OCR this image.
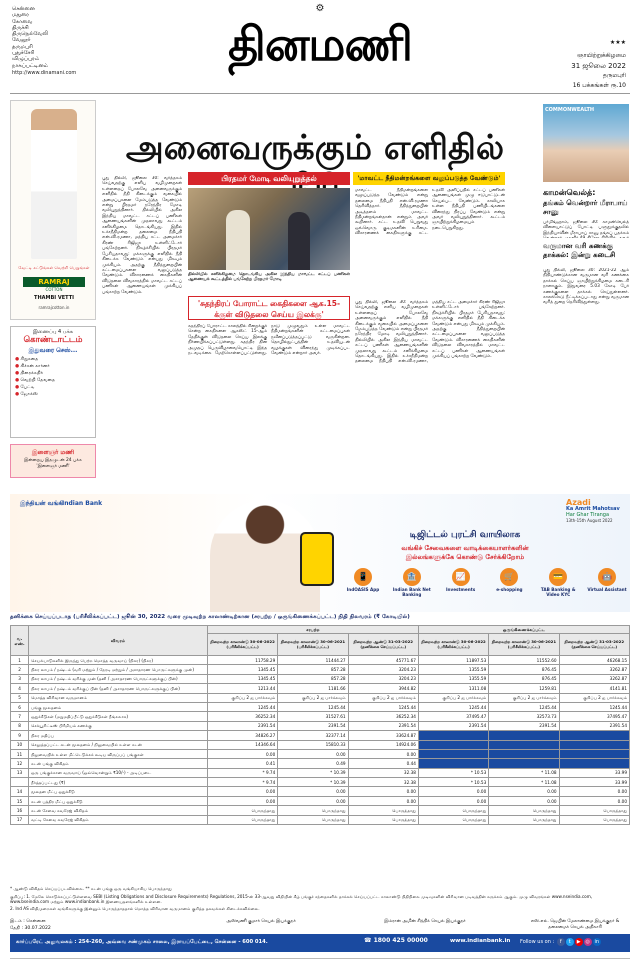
சென்னை
மதுரை
கோவை
திருச்சி
திருநெல்வேலி
வேலூர்
தருமபுரி
புதுச்சேரி
விழுப்புரம்
நாகப்பட்டினம்
http://www.dinamani.com
⚙
தினமணி	★★★
ஞாயிற்றுக்கிழமை
31 ஜூலை 2022
தருமபுரி
16 பக்கங்கள் ரூ.10
அனைவருக்கும் எளிதில்
வேட்டி கட்டுங்கள் வெற்றி பெறுங்கள்
RAMRAJ
COTTON
THAMBI VETTI
ramrajcotton.in
இணைப்பு 4 பக்க
கொண்டாட்டம்
இதுவரை செஸ்...
● சிறுகதை
● கிச்சன் கார்னர்
● திரைக்கதிர்
● வெற்றி தேவதை
● பேட்டி
● ஜோக்ஸ்
இளைஞர் மணி
இன்றைய இதழுடன் 24 பக்க 'இளைஞர் மணி'
பிரதமர் மோடி வலியுறுத்தல்	'மாவட்ட நீதிமன்றங்களை வலுப்படுத்த வேண்டும்'
புது தில்லி, ஜூலை 30: வர்த்தகம் செய்வதற்கு எளிய வழிமுறைகள் உள்ளதைப் போலவே அனைவருக்கும் எளிதில் நீதி கிடைக்கும் வகையில் அமைப்புகளை மேம்படுத்த வேண்டும் என்று பிரதமர் நரேந்திர மோடி வலியுறுத்தினார். தில்லியில் அகில இந்திய மாவட்ட சட்டப் பணிகள் ஆணையங்களின் முதலாவது கூட்டம் சனிக்கிழமை தொடங்கியது. இதில் உச்சநீதிமன்ற தலைமை நீதிபதி என்.வி.ரமணா, மத்திய சட்ட அமைச்சர் கிரண் ரிஜிஜு உள்ளிட்டோர் பங்கேற்றனர். நிகழ்ச்சியில் பிரதமர் பேசியதாவது: மக்களுக்கு எளிதில் நீதி கிடைக்க வேண்டும் என்பது மிகவும் முக்கியம். அதற்கு நீதித்துறையின் கட்டமைப்புகளை வலுப்படுத்த வேண்டும். விசாரணைக் கைதிகளின் விடுதலை விவகாரத்தில் மாவட்ட சட்டப் பணிகள் ஆணையங்கள் முக்கியப் பங்காற்ற வேண்டும்.
தில்லியில் சனிக்கிழமை தொடங்கிய அகில இந்திய மாவட்ட சட்டப் பணிகள் ஆணையக் கூட்டத்தில் பங்கேற்ற பிரதமர் மோடி
மாவட்ட நீதிமன்றங்களை வலுப்படுத்த வேண்டும் என்று தலைமை நீதிபதி என்.வி.ரமணா தெரிவித்தார். நீதித்துறையின் அடித்தளம் மாவட்ட நீதிமன்றங்கள்தான் என்றும் அவர் கூறினார். சட்ட உதவி பெறுவது ஒவ்வொரு குடிமகனின் உரிமை. விசாரணைக் கைதிகளுக்கு சட்ட உதவி அளிப்பதில் சட்டப் பணிகள் ஆணையங்கள் முழு ஈடுபாட்டுடன் செயல்பட வேண்டும். காலியாக உள்ள நீதிபதி பணியிடங்களை விரைந்து நிரப்ப வேண்டும் என்று அவர் வலியுறுத்தினார். கூட்டம் ஞாயிற்றுக்கிழமையும் நடைபெறுகிறது.
'சுதந்திரப் போராட்ட கைதிகளை ஆக.15-க்குள் விடுதலை செய்ய இலக்கு'
சுதந்திரப் போராட்ட காலத்தில் சிறைக்குச் சென்ற கைதிகளை ஆகஸ்ட் 15-ஆம் தேதிக்குள் விடுதலை செய்ய இலக்கு நிர்ணயிக்கப்பட்டுள்ளது. சுதந்திர தின அமுதப் பெருவிழாவையொட்டி இந்த நடவடிக்கை மேற்கொள்ளப்பட்டுள்ளது. நாடு முழுவதும் உள்ள மாவட்ட நீதிமன்றங்களின் கட்டமைப்புகள் நவீனப்படுத்தப்பட்டு வருகின்றன. தொழில்நுட்பத்தின் உதவியுடன் வழக்குகள் விரைந்து முடிக்கப்பட வேண்டும் என்றார் அவர்.
புது தில்லி, ஜூலை 30: வர்த்தகம் செய்வதற்கு எளிய வழிமுறைகள் உள்ளதைப் போலவே அனைவருக்கும் எளிதில் நீதி கிடைக்கும் வகையில் அமைப்புகளை மேம்படுத்த வேண்டும் என்று பிரதமர் நரேந்திர மோடி வலியுறுத்தினார். தில்லியில் அகில இந்திய மாவட்ட சட்டப் பணிகள் ஆணையங்களின் முதலாவது கூட்டம் சனிக்கிழமை தொடங்கியது. இதில் உச்சநீதிமன்ற தலைமை நீதிபதி என்.வி.ரமணா, மத்திய சட்ட அமைச்சர் கிரண் ரிஜிஜு உள்ளிட்டோர் பங்கேற்றனர். நிகழ்ச்சியில் பிரதமர் பேசியதாவது: மக்களுக்கு எளிதில் நீதி கிடைக்க வேண்டும் என்பது மிகவும் முக்கியம். அதற்கு நீதித்துறையின் கட்டமைப்புகளை வலுப்படுத்த வேண்டும். விசாரணைக் கைதிகளின் விடுதலை விவகாரத்தில் மாவட்ட சட்டப் பணிகள் ஆணையங்கள் முக்கியப் பங்காற்ற வேண்டும்.
COMMONWEALTH
காமன்வெல்த்:
தங்கம் வென்றார் மீராபாய் சானு
பர்மிங்ஹாம், ஜூலை 30: காமன்வெல்த் விளையாட்டுப் போட்டி பளுதூக்குதலில் இந்தியாவின் மீராபாய் சானு தங்கப் பதக்கம்
வருமான வரி கணக்கு தாக்கல்: இன்று கடைசி
புது தில்லி, ஜூலை 30: 2021-22 ஆம் நிதியாண்டுக்கான வருமான வரி கணக்கை தாக்கல் செய்ய ஞாயிற்றுக்கிழமை கடைசி நாளாகும். இதுவரை 5.03 கோடி பேர் கணக்குகளை தாக்கல் செய்துள்ளனர். காலக்கெடு நீட்டிக்கப்படாது என்று வருமான வரித் துறை தெரிவித்துள்ளது.
இந்தியன் வங்கி
Indian Bank	Azadi
Ka Amrit Mahotsav
Har Ghar Tiranga
13th-15th August 2022
டிஜிட்டல் புரட்சி வாயிலாக
வங்கிச் சேவைகளை வாடிக்கையாளர்களின்
இல்லங்களுக்கே கொண்டு சேர்க்கிறோம்
📱
IndOASIS App
🏦
Indian Bank Net Banking
📈
Investments
🛒
e-shopping
💳
TAB Banking & Video KYC
🤖
Virtual Assistant
தனிக்கை செய்யப்படாத (பரிசீலிக்கப்பட்ட) ஜூன் 30, 2022 வரை முடிவுற்ற காலாண்டிற்கான (சரபற்ற / ஒருங்கிணைக்கப்பட்ட) நிதி நிலவரம் (₹ கோடியில்)
வ. எண்.	விவரம்	சரபற்ற			ஒருங்கிணைக்கப்பட்ட		
		நிறைவுற்ற காலாண்டு 30-06-2022 (பரிசீலிக்கப்பட்ட)	நிறைவுற்ற காலாண்டு 30-06-2021 (பரிசீலிக்கப்பட்ட)	நிறைவுற்ற ஆண்டு 31-03-2022 (தணிக்கை செய்யப்பட்ட)	நிறைவுற்ற காலாண்டு 30-06-2022 (பரிசீலிக்கப்பட்ட)	நிறைவுற்ற காலாண்டு 30-06-2021 (பரிசீலிக்கப்பட்ட)	நிறைவுற்ற ஆண்டு 31-03-2022 (தணிக்கை செய்யப்பட்ட)
1	செயல்பாடுகளில் இருந்து பெற்ற மொத்த வருவாய் (நிகர) (நிகர)	11758.29	11444.27	45771.67	11897.53	11552.60	46268.15
2	நிகர லாபம் / நஷ்டம் (வரி மற்றும் / நேரடி மற்றும் / அசாதாரண பொருட்களுக்கு முன்)	1345.45	857.28	3204.23	1355.59	876.45	3262.87
3	நிகர லாபம் / நஷ்டம் வரிக்கு முன் (தனி / அசாதாரண பொருட்களுக்குப் பின்)	1345.45	857.28	3204.23	1355.59	876.45	3262.87
4	நிகர லாபம் / நஷ்டம் வரிக்குப் பின் (தனி / அசாதாரண பொருட்களுக்குப் பின்)	1213.44	1181.66	3944.82	1311.08	1259.81	4141.81
5	மொத்த விரிவான வருமானம்	குறிப்பு 2 ஐ பார்க்கவும்	குறிப்பு 2 ஐ பார்க்கவும்	குறிப்பு 2 ஐ பார்க்கவும்	குறிப்பு 2 ஐ பார்க்கவும்	குறிப்பு 2 ஐ பார்க்கவும்	குறிப்பு 2 ஐ பார்க்கவும்
6	பங்கு மூலதனம்	1245.44	1245.44	1245.44	1245.44	1245.44	1245.44
7	ஒதுக்கீடுகள் (மறுமதிப்பீட்டு ஒதுக்கீடுகள் நீங்கலாக)	36252.34	31527.61	36252.34	37495.47	32573.73	37495.47
8	செக்யூரிட்டீஸ் பிரீமியம் கணக்கு	2391.54	2391.54	2391.54	2391.54	2391.54	2391.54
9	நிகர மதிப்பு	34826.27	32377.14	33624.87			
10	செலுத்தப்பட்ட கடன் மூலதனம் / நிலுவையில் உள்ள கடன்	14346.64	15810.33	14924.06			
11	நிலுவையில் உள்ள மீட்டெடுக்கக் கூடிய விருப்பப் பங்குகள்	0.00	0.00	0.00			
12	கடன் பங்கு விகிதம்	0.41	0.49	0.44			
13	ஒரு பங்குக்கான வருவாய் (ஒவ்வொன்றும் ₹10/-) - அடிப்படை	* 9.74	* 10.39	32.38	* 10.53	* 11.08	33.99
	நீர்த்தப்பட்டது (₹)	* 9.74	* 10.39	32.38	* 10.53	* 11.08	33.99
14	மூலதன மீட்பு ஒதுக்கீடு	0.00	0.00	0.00	0.00	0.00	0.00
15	கடன் பத்திர மீட்பு ஒதுக்கீடு	0.00	0.00	0.00	0.00	0.00	0.00
16	கடன் சேவை கவரேஜ் விகிதம்	பொருந்தாது	பொருந்தாது	பொருந்தாது	பொருந்தாது	பொருந்தாது	பொருந்தாது
17	வட்டி சேவை கவரேஜ் விகிதம்	பொருந்தாது	பொருந்தாது	பொருந்தாது	பொருந்தாது	பொருந்தாது	பொருந்தாது
* ஆண்டு விகிதம் செய்யப்படவில்லை. ** கடன் பங்கு ஒரு வங்கியாகிய பொருந்தாது
குறிப்பு: 1. மேலே கொடுக்கப்பட்டுள்ளவை SEBI (Listing Obligations and Disclosure Requirements) Regulations, 2015-ன் 33-ஆவது விதியின் கீழ் பங்குச் சந்தைகளில் தாக்கல் செய்யப்பட்ட காலாண்டு நிதிநிலை முடிவுகளின் விரிவான படிவத்தின் சுருக்கம் ஆகும். முழு விவரங்கள் www.nseindia.com, www.bseindia.com மற்றும் www.indianbank.in இணையதளங்களில் உள்ளன.
2. Ind AS விதிமுறைகள் வங்கிகளுக்கு இன்னும் பொருந்தாததால் மொத்த விரிவான வருமானம் குறித்த தகவல்கள் கிடைக்கவில்லை.
இடம் : சென்னை
தேதி : 30.07.2022
அஸ்வணி குமார் செயல் இயக்குநர்	இம்ரான் அமின் சித்திக் செயல் இயக்குநர்	எஸ்.எல். ஜெயின் மேலாண்மை இயக்குநர் & தலைமைச் செயல் அதிகாரி
கார்ப்பரேட் அலுவலகம் : 254-260, அவ்வை சண்முகம் சாலை, இராயப்பேட்டை, சென்னை - 600 014.	☎ 1800 425 00000	www.indianbank.in Follow us on : f t ▶ ◎ in
